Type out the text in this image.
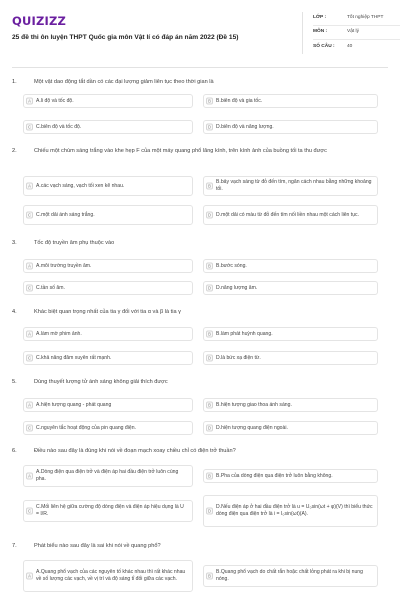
QUIZIZZ
25 đề thi ôn luyện THPT Quốc gia môn Vật lí có đáp án năm 2022 (Đề 15)
LỚP :	Tốt nghiệp THPT
MÔN :	Vật lý
SỐ CÂU :	40
1.	Một vật dao động tắt dần có các đại lượng giảm liên tục theo thời gian là
A	A.li độ và tốc độ.	B	B.biên độ và gia tốc.
C C.biên độ và tốc độ.	D D.biên độ và năng lượng.
2.	Chiếu một chùm sáng trắng vào khe hẹp F của một máy quang phổ lăng kính, trên kính ảnh của buồng tối ta thu được
A	A.các vạch sáng, vạch tối xen kẽ nhau.	B
B.bảy vạch sáng từ đỏ đến tím, ngăn cách nhau bằng những khoảng tối.
C C.một dải ánh sáng trắng.	D D.một dải có màu từ đỏ đến tím nối liền nhau một cách liên tục.
3.	Tốc độ truyền âm phụ thuộc vào
A	A.môi trường truyền âm.	B	B.bước sóng.
C C.tần số âm.	D D.năng lượng âm.
4.	Khác biệt quan trọng nhất của tia γ đối với tia α và β là tia γ
A	A.làm mờ phim ảnh.	B	B.làm phát huỳnh quang.
C C.khả năng đâm xuyên rất mạnh.	D D.là bức xạ điện từ.
5.	Dùng thuyết lượng tử ánh sáng không giải thích được
A	A.hiện tượng quang - phát quang	B	B.hiện tượng giao thoa ánh sáng.
C C.nguyên tắc hoạt động của pin quang điện.	D D.hiện tượng quang điện ngoài.
6.	Điều nào sau đây là đúng khi nói về đoạn mạch xoay chiều chỉ có điện trở thuần?
A
A.Dòng điện qua điện trở và điện áp hai đầu điện trở luôn cùng pha.
B	B.Pha của dòng điện qua điện trở luôn bằng không.
C
C.Mối liên hệ giữa cường độ dòng điện và điện áp hiệu dụng là U = I/R.
D
D.Nếu điện áp ở hai đầu điện trở là u = U₀sin(ωt + φ)(V) thì biểu thức dòng điện qua điện trở là i = I₀sin(ωt)(A).
7.	Phát biểu nào sau đây là sai khi nói về quang phổ?
A
A.Quang phổ vạch của các nguyên tố khác nhau thì rất khác nhau về số lượng các vạch, về vị trí và độ sáng tỉ đối giữa các vạch.
B
B.Quang phổ vạch do chất rắn hoặc chất lỏng phát ra khi bị nung nóng.
